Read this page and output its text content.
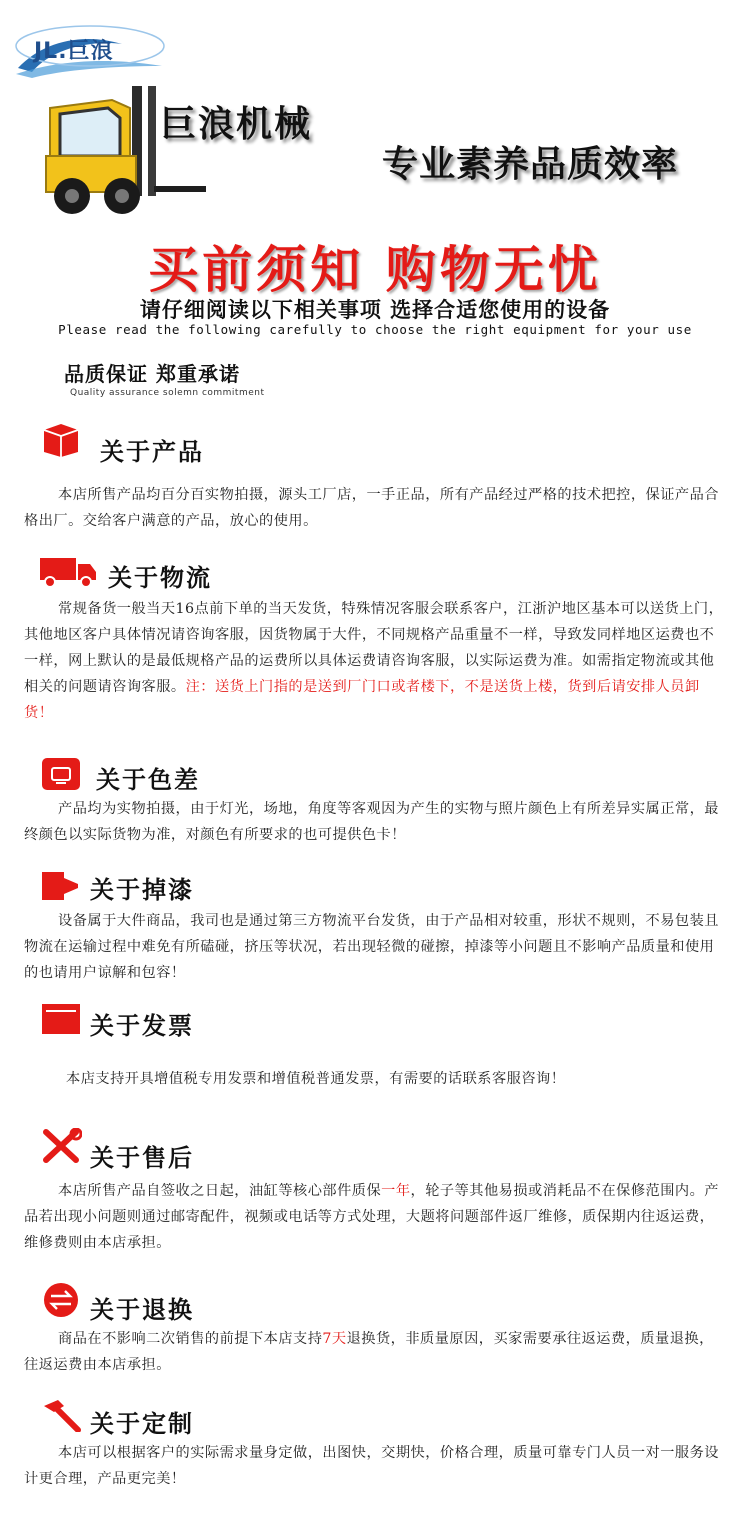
JL.巨浪
巨浪机械
专业素养品质效率
买前须知 购物无忧
请仔细阅读以下相关事项 选择合适您使用的设备
Please read the following carefully to choose the right equipment for your use
品质保证 郑重承诺
Quality assurance solemn commitment
关于产品
本店所售产品均百分百实物拍摄，源头工厂店，一手正品，所有产品经过严格的技术把控，保证产品合格出厂。交给客户满意的产品，放心的使用。
关于物流
常规备货一般当天16点前下单的当天发货，特殊情况客服会联系客户，江浙沪地区基本可以送货上门，其他地区客户具体情况请咨询客服，因货物属于大件，不同规格产品重量不一样，导致发同样地区运费也不一样，网上默认的是最低规格产品的运费所以具体运费请咨询客服，以实际运费为准。如需指定物流或其他相关的问题请咨询客服。注：送货上门指的是送到厂门口或者楼下，不是送货上楼，货到后请安排人员卸货！
关于色差
产品均为实物拍摄，由于灯光，场地，角度等客观因为产生的实物与照片颜色上有所差异实属正常，最终颜色以实际货物为准，对颜色有所要求的也可提供色卡！
关于掉漆
设备属于大件商品，我司也是通过第三方物流平台发货，由于产品相对较重，形状不规则，不易包装且物流在运输过程中难免有所磕碰，挤压等状况，若出现轻微的碰擦，掉漆等小问题且不影响产品质量和使用的也请用户谅解和包容！
关于发票
本店支持开具增值税专用发票和增值税普通发票，有需要的话联系客服咨询！
关于售后
本店所售产品自签收之日起，油缸等核心部件质保一年，轮子等其他易损或消耗品不在保修范围内。产品若出现小问题则通过邮寄配件，视频或电话等方式处理，大题将问题部件返厂维修，质保期内往返运费，维修费则由本店承担。
关于退换
商品在不影响二次销售的前提下本店支持7天退换货，非质量原因，买家需要承往返运费，质量退换，往返运费由本店承担。
关于定制
本店可以根据客户的实际需求量身定做，出图快，交期快，价格合理，质量可靠专门人员一对一服务设计更合理，产品更完美！
